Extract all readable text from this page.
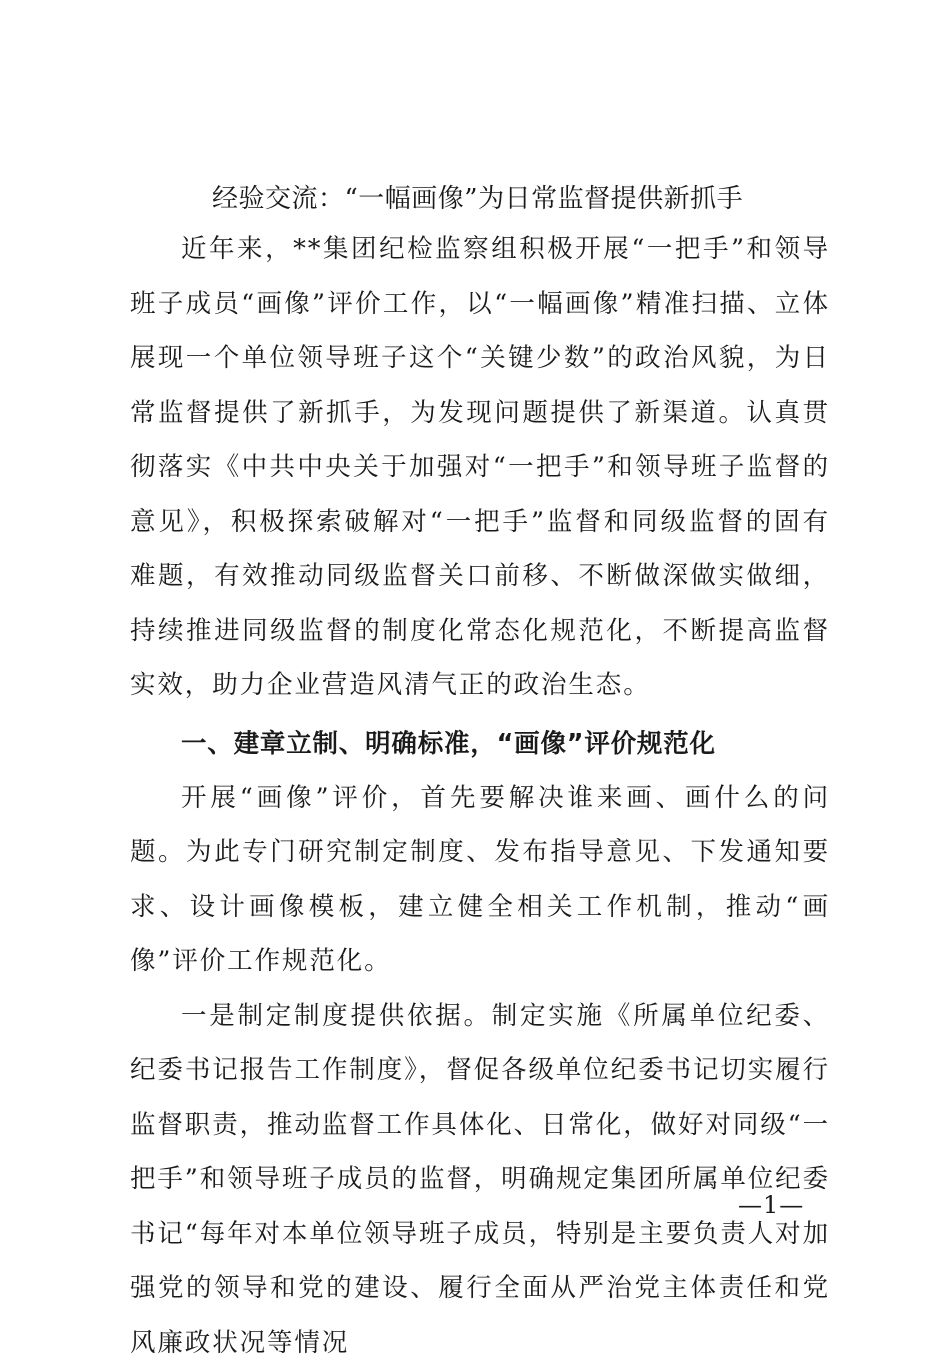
经验交流：“一幅画像”为日常监督提供新抓手

近年来，**集团纪检监察组积极开展“一把手”和领导班子成员“画像”评价工作，以“一幅画像”精准扫描、立体展现一个单位领导班子这个“关键少数”的政治风貌，为日常监督提供了新抓手，为发现问题提供了新渠道。认真贯彻落实《中共中央关于加强对“一把手”和领导班子监督的意见》，积极探索破解对“一把手”监督和同级监督的固有难题，有效推动同级监督关口前移、不断做深做实做细，持续推进同级监督的制度化常态化规范化，不断提高监督实效，助力企业营造风清气正的政治生态。

一、建章立制、明确标准，“画像”评价规范化

开展“画像”评价，首先要解决谁来画、画什么的问题。为此专门研究制定制度、发布指导意见、下发通知要求、设计画像模板，建立健全相关工作机制，推动“画像”评价工作规范化。

一是制定制度提供依据。制定实施《所属单位纪委、纪委书记报告工作制度》，督促各级单位纪委书记切实履行监督职责，推动监督工作具体化、日常化，做好对同级“一把手”和领导班子成员的监督，明确规定集团所属单位纪委书记“每年对本单位领导班子成员，特别是主要负责人对加强党的领导和党的建设、履行全面从严治党主体责任和党风廉政状况等情况

—1—
